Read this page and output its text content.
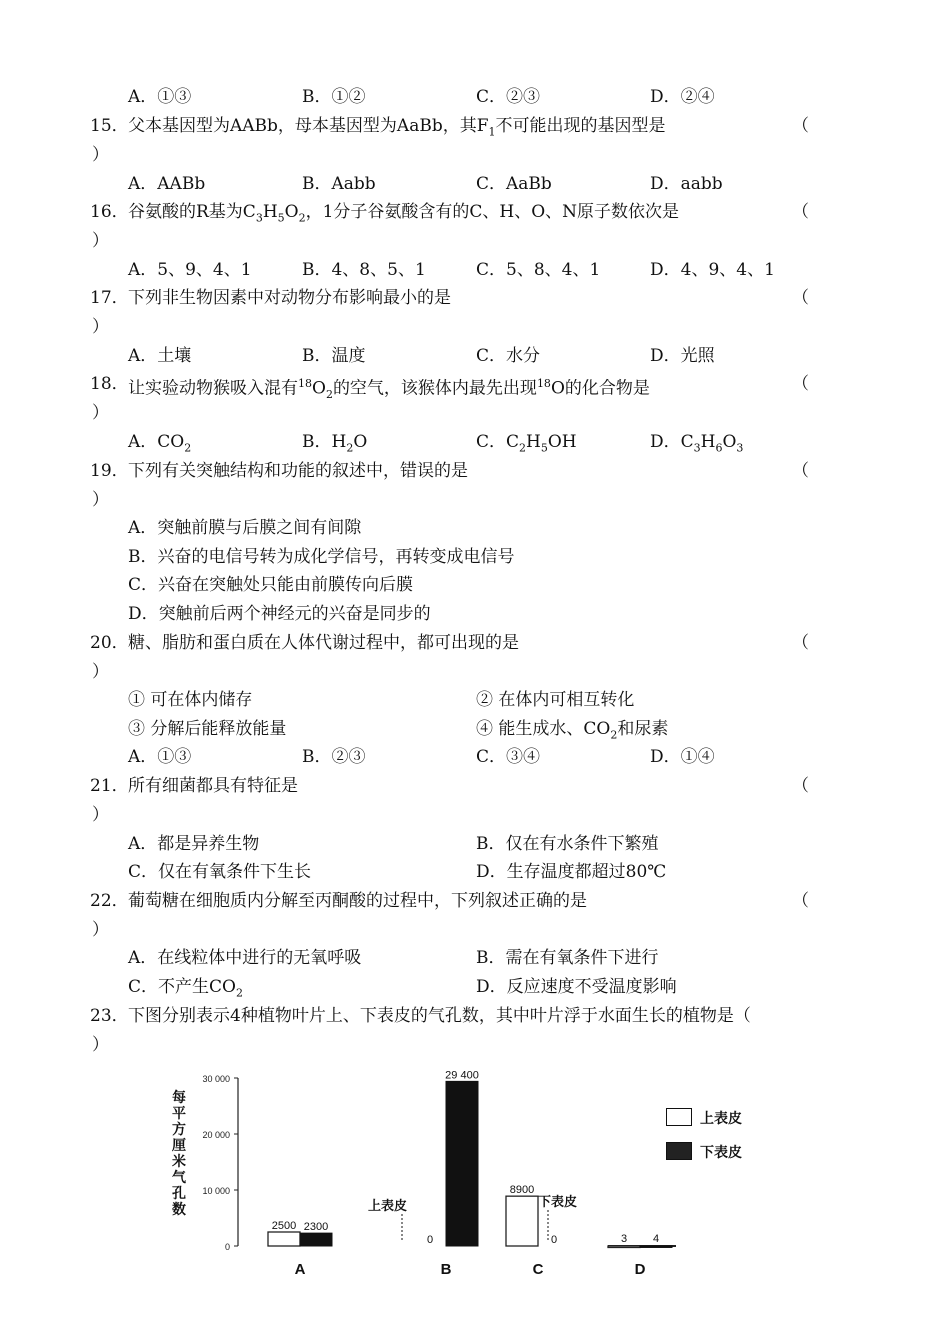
A．①③	B．①②	C．②③	D．②④
15． 父本基因型为AABb，母本基因型为AaBb，其$F_1$不可能出现的基因型是	（
）
A．AABb	B．Aabb	C．AaBb	D．aabb
16． 谷氨酸的R基为$C_3H_5O_2$，1分子谷氨酸含有的C、H、O、N原子数依次是	（
）
A．5、9、4、1	B．4、8、5、1	C．5、8、4、1	D．4、9、4、1
17． 下列非生物因素中对动物分布影响最小的是	（
）
A．土壤	B．温度	C．水分	D．光照
18． 让实验动物猴吸入混有$^{18}O_2$的空气，该猴体内最先出现$^{18}$O的化合物是	（
）
A．$CO_2$	B．$H_2O$	C．$C_2H_5OH$	D．$C_3H_6O_3$
19． 下列有关突触结构和功能的叙述中，错误的是	（
）
A．突触前膜与后膜之间有间隙
B．兴奋的电信号转为成化学信号，再转变成电信号
C．兴奋在突触处只能由前膜传向后膜
D．突触前后两个神经元的兴奋是同步的
20． 糖、脂肪和蛋白质在人体代谢过程中，都可出现的是	（
）
① 可在体内储存	② 在体内可相互转化
③ 分解后能释放能量	④ 能生成水、$CO_2$和尿素
A．①③	B．②③	C．③④	D．①④
21． 所有细菌都具有特征是	（
）
A．都是异养生物	B．仅在有水条件下繁殖
C．仅在有氧条件下生长	D．生存温度都超过80℃
22． 葡萄糖在细胞质内分解至丙酮酸的过程中，下列叙述正确的是	（
）
A．在线粒体中进行的无氧呼吸	B．需在有氧条件下进行
C．不产生$CO_2$	D．反应速度不受温度影响
23． 下图分别表示4种植物叶片上、下表皮的气孔数，其中叶片浮于水面生长的植物是（
）
每平方厘米气孔数
30 000
20 000
10 000
0
2500 2300
A
0
29 400
B
8900
0
C
3 4
D
上表皮	下表皮
上表皮
下表皮
